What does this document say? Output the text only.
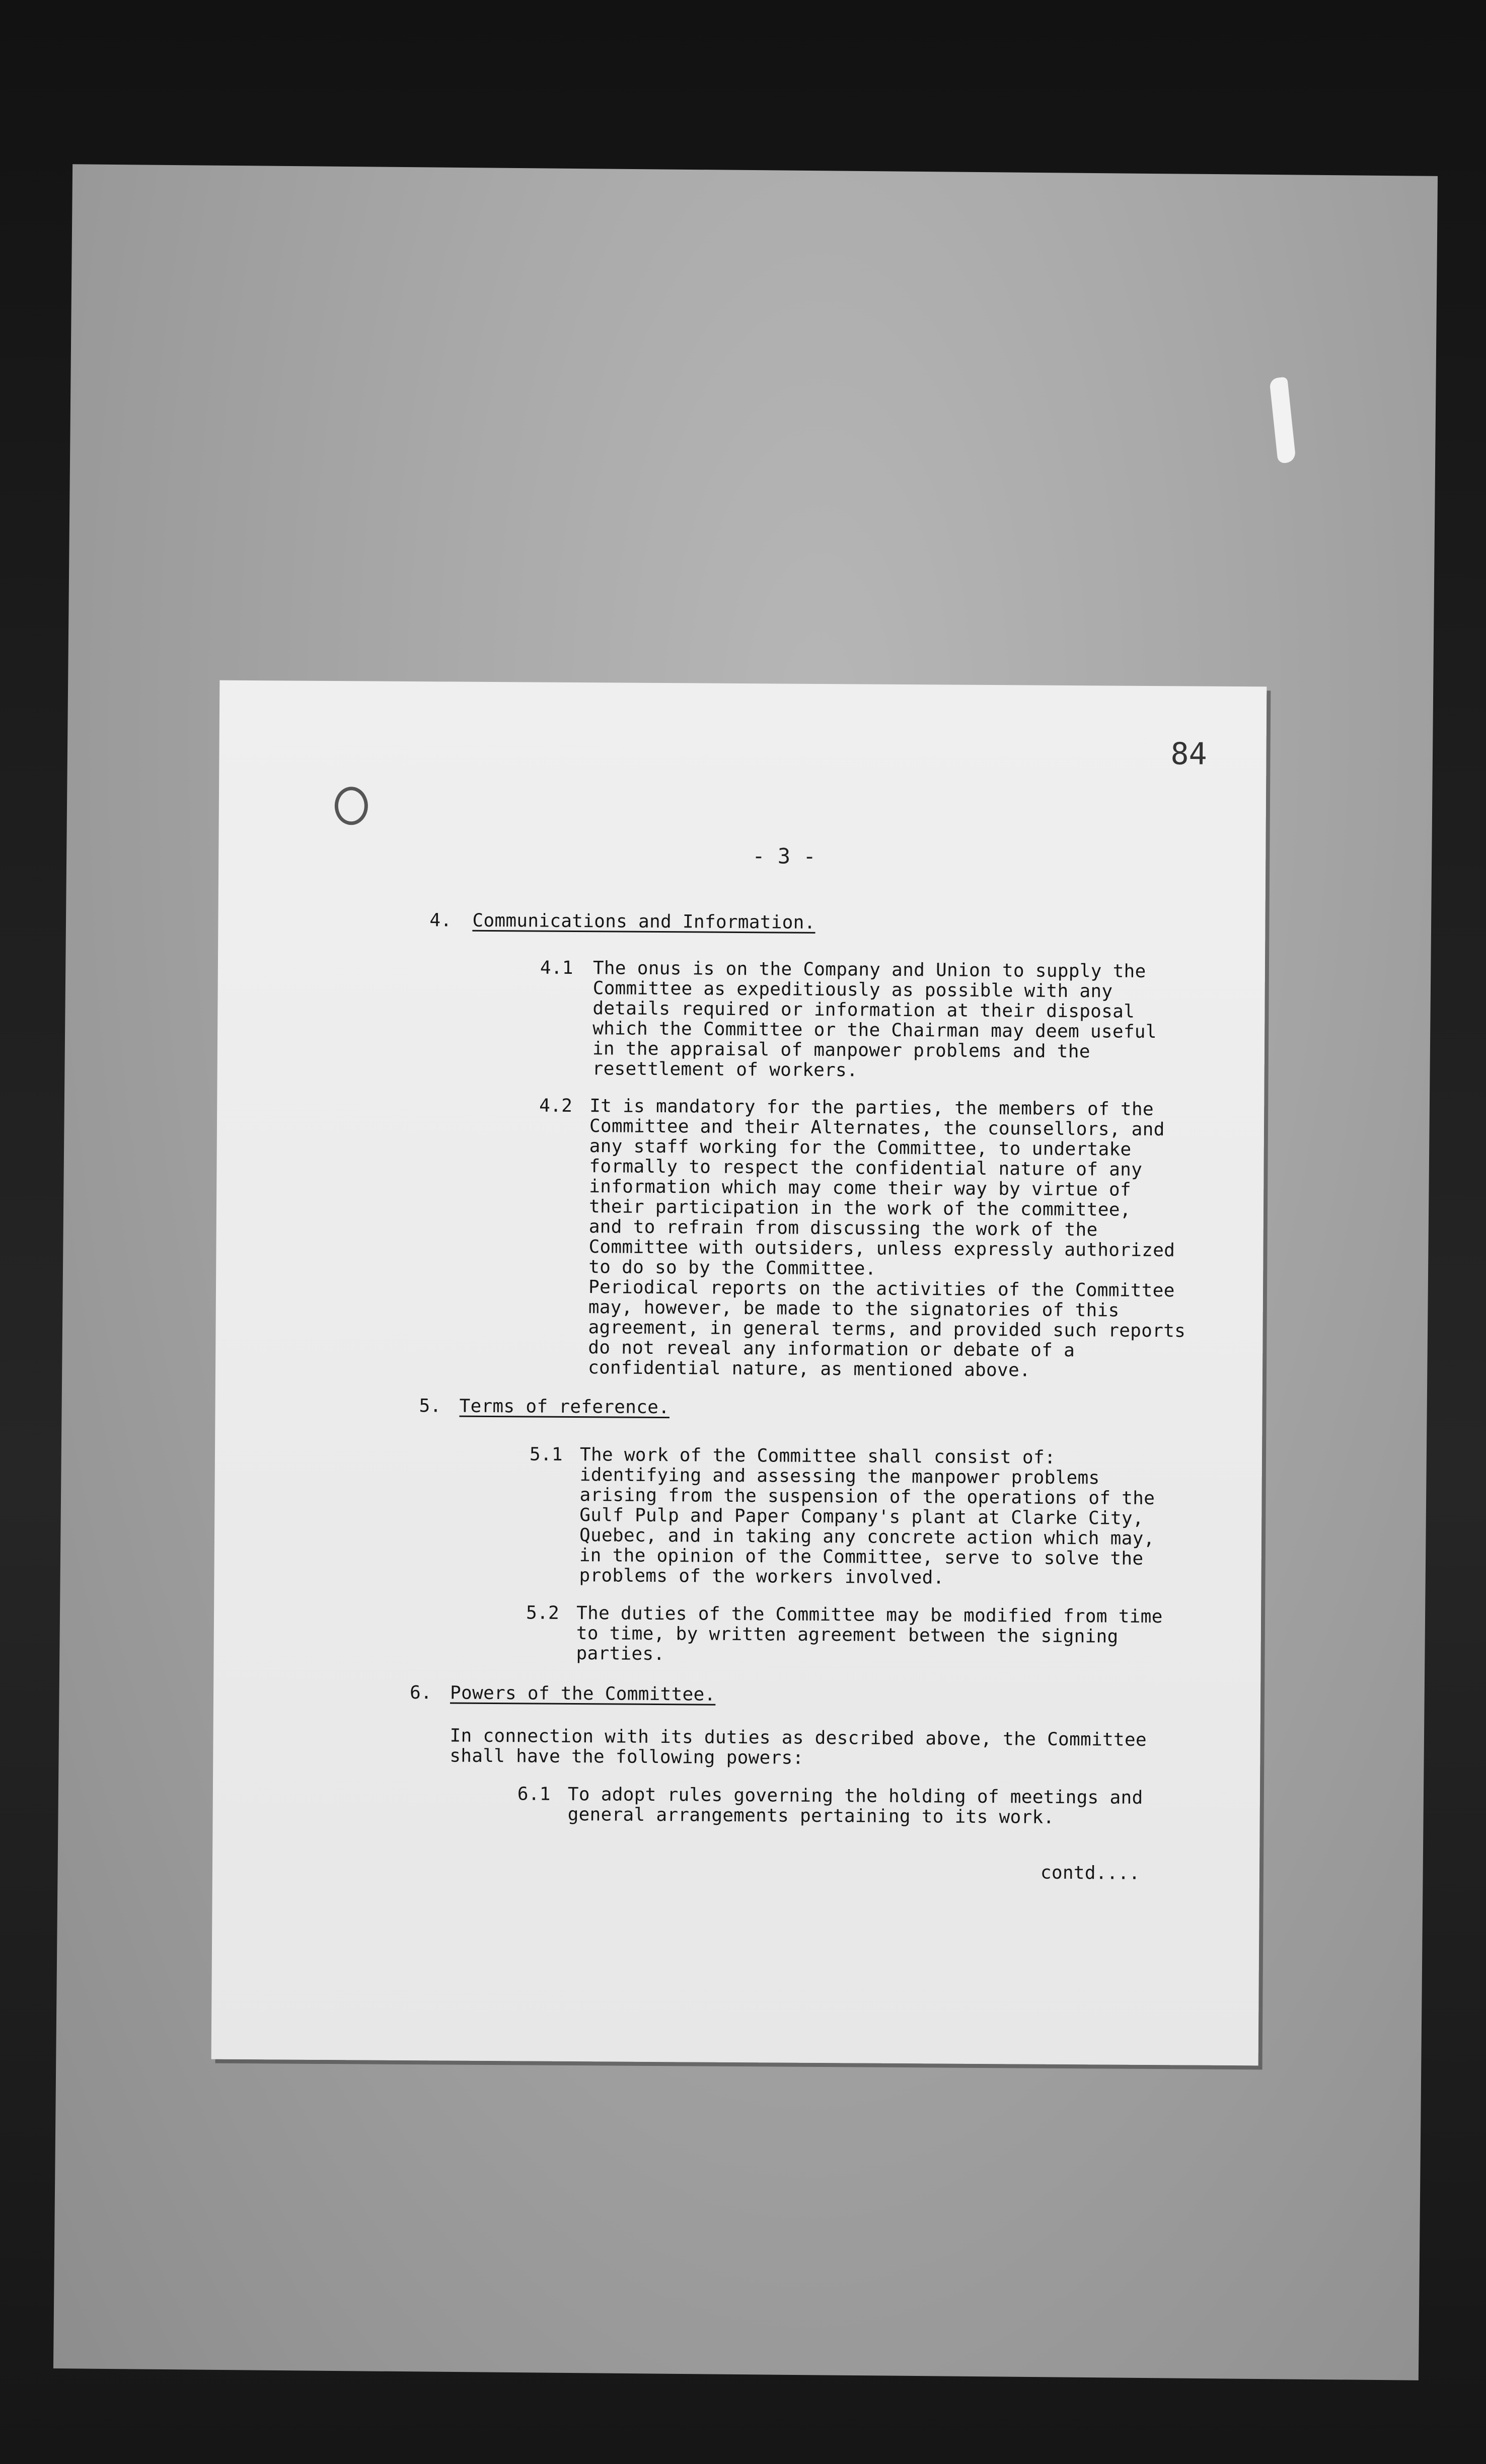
84
- 3 -
4. Communications and Information.
4.1 The onus is on the Company and Union to supply the
Committee as expeditiously as possible with any
details required or information at their disposal
which the Committee or the Chairman may deem useful
in the appraisal of manpower problems and the
resettlement of workers.
4.2 It is mandatory for the parties, the members of the
Committee and their Alternates, the counsellors, and
any staff working for the Committee, to undertake
formally to respect the confidential nature of any
information which may come their way by virtue of
their participation in the work of the committee,
and to refrain from discussing the work of the
Committee with outsiders, unless expressly authorized
to do so by the Committee.
Periodical reports on the activities of the Committee
may, however, be made to the signatories of this
agreement, in general terms, and provided such reports
do not reveal any information or debate of a
confidential nature, as mentioned above.
5. Terms of reference.
5.1 The work of the Committee shall consist of:
identifying and assessing the manpower problems
arising from the suspension of the operations of the
Gulf Pulp and Paper Company's plant at Clarke City,
Quebec, and in taking any concrete action which may,
in the opinion of the Committee, serve to solve the
problems of the workers involved.
5.2 The duties of the Committee may be modified from time
to time, by written agreement between the signing
parties.
6. Powers of the Committee.
In connection with its duties as described above, the Committee
shall have the following powers:
6.1 To adopt rules governing the holding of meetings and
general arrangements pertaining to its work.
contd....
